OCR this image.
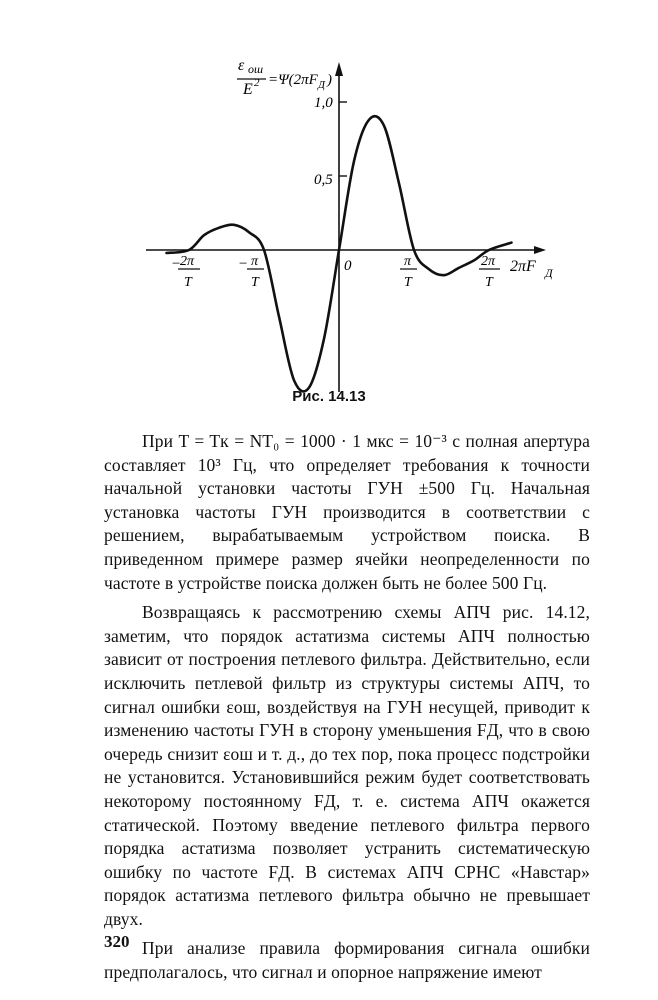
1,0
0,5
ε ош
E 2 =Ψ(2πF Д )
2πF Д
0
−
2π
T
− π
T
π
T
2π
T
Рис. 14.13

При T = Tк = NT₀ = 1000 · 1 мкс = 10⁻³ с полная апертура составляет 10³ Гц, что определяет требования к точности начальной установки частоты ГУН ±500 Гц. Начальная установка частоты ГУН производится в соответствии с решением, вырабатываемым устройством поиска. В приведенном примере размер ячейки неопределенности по частоте в устройстве поиска должен быть не более 500 Гц.

Возвращаясь к рассмотрению схемы АПЧ рис. 14.12, заметим, что порядок астатизма системы АПЧ полностью зависит от построения петлевого фильтра. Действительно, если исключить петлевой фильтр из структуры системы АПЧ, то сигнал ошибки εош, воздействуя на ГУН несущей, приводит к изменению частоты ГУН в сторону уменьшения FД, что в свою очередь снизит εош и т. д., до тех пор, пока процесс подстройки не установится. Установившийся режим будет соответствовать некоторому постоянному FД, т. е. система АПЧ окажется статической. Поэтому введение петлевого фильтра первого порядка астатизма позволяет устранить систематическую ошибку по частоте FД. В системах АПЧ СРНС «Навстар» порядок астатизма петлевого фильтра обычно не превышает двух.

При анализе правила формирования сигнала ошибки предполагалось, что сигнал и опорное напряжение имеют

320
